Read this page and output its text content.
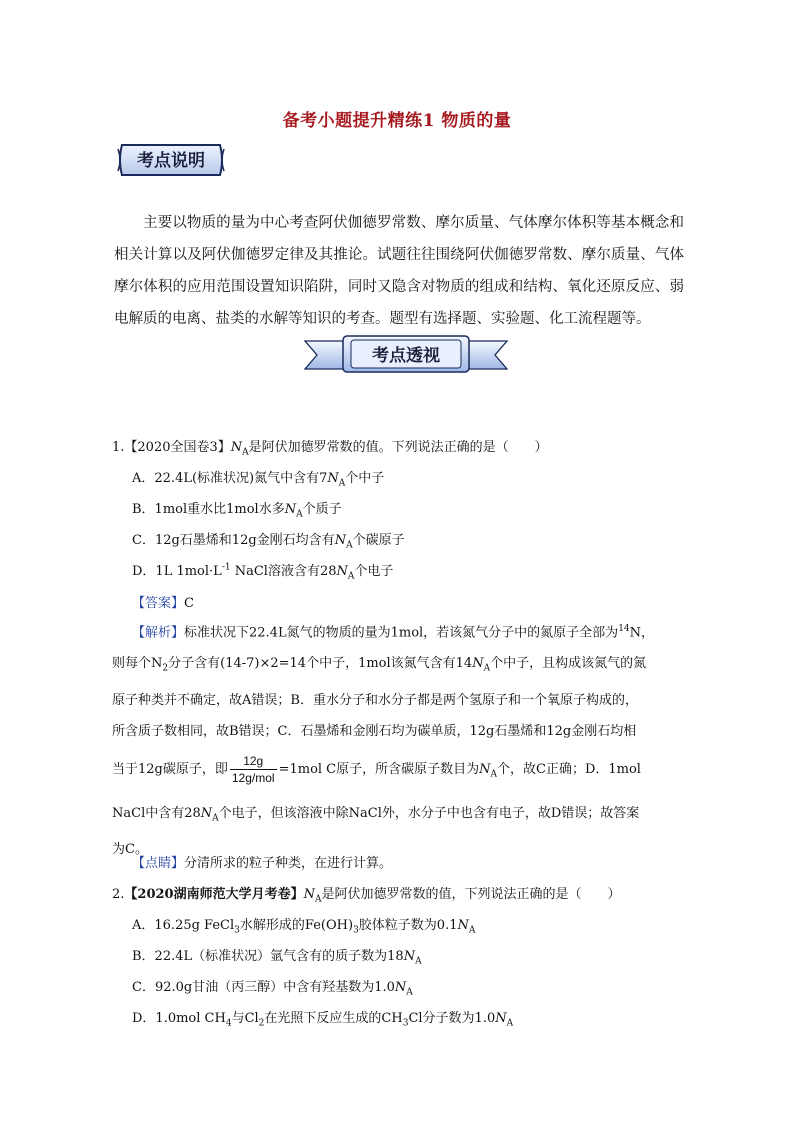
备考小题提升精练1 物质的量
考点说明
主要以物质的量为中心考查阿伏伽德罗常数、摩尔质量、气体摩尔体积等基本概念和相关计算以及阿伏伽德罗定律及其推论。试题往往围绕阿伏伽德罗常数、摩尔质量、气体摩尔体积的应用范围设置知识陷阱，同时又隐含对物质的组成和结构、氧化还原反应、弱电解质的电离、盐类的水解等知识的考查。题型有选择题、实验题、化工流程题等。
考点透视
1.【2020全国卷3】$N_A$是阿伏加德罗常数的值。下列说法正确的是（　　）
A．22.4L(标准状况)氮气中含有$7N_A$个中子
B．1mol重水比1mol水多$N_A$个质子
C．12g石墨烯和12g金刚石均含有$N_A$个碳原子
D．1L $1mol\cdot L^{-1}$ NaCl溶液含有$28N_A$个电子
【答案】C
【解析】标准状况下22.4L氮气的物质的量为1mol，若该氮气分子中的氮原子全部为$^{14}$N，
则每个$N_2$分子含有(14-7)×2=14个中子，1mol该氮气含有$14N_A$个中子，且构成该氮气的氮
原子种类并不确定，故A错误；B．重水分子和水分子都是两个氢原子和一个氧原子构成的，
所含质子数相同，故B错误；C．石墨烯和金刚石均为碳单质，12g石墨烯和12g金刚石均相
当于12g碳原子，即 $\frac{12g}{\text{12g/mol}} =1mol$ C原子，所含碳原子数目为$N_A$个，故C正确；D．1mol
NaCl中含有$28N_A$个电子，但该溶液中除NaCl外，水分子中也含有电子，故D错误；故答案
为C。
【点睛】分清所求的粒子种类，在进行计算。
2.【2020湖南师范大学月考卷】$N_A$是阿伏加德罗常数的值，下列说法正确的是（　　）
A．16.25g FeCl$_3$水解形成的$Fe(OH)_3$胶体粒子数为$0.1N_A$
B．22.4L（标准状况）氩气含有的质子数为$18N_A$
C．92.0g甘油（丙三醇）中含有羟基数为$1.0N_A$
D．1.0mol $CH_4$与$Cl_2$在光照下反应生成的$CH_3Cl$分子数为$1.0N_A$
